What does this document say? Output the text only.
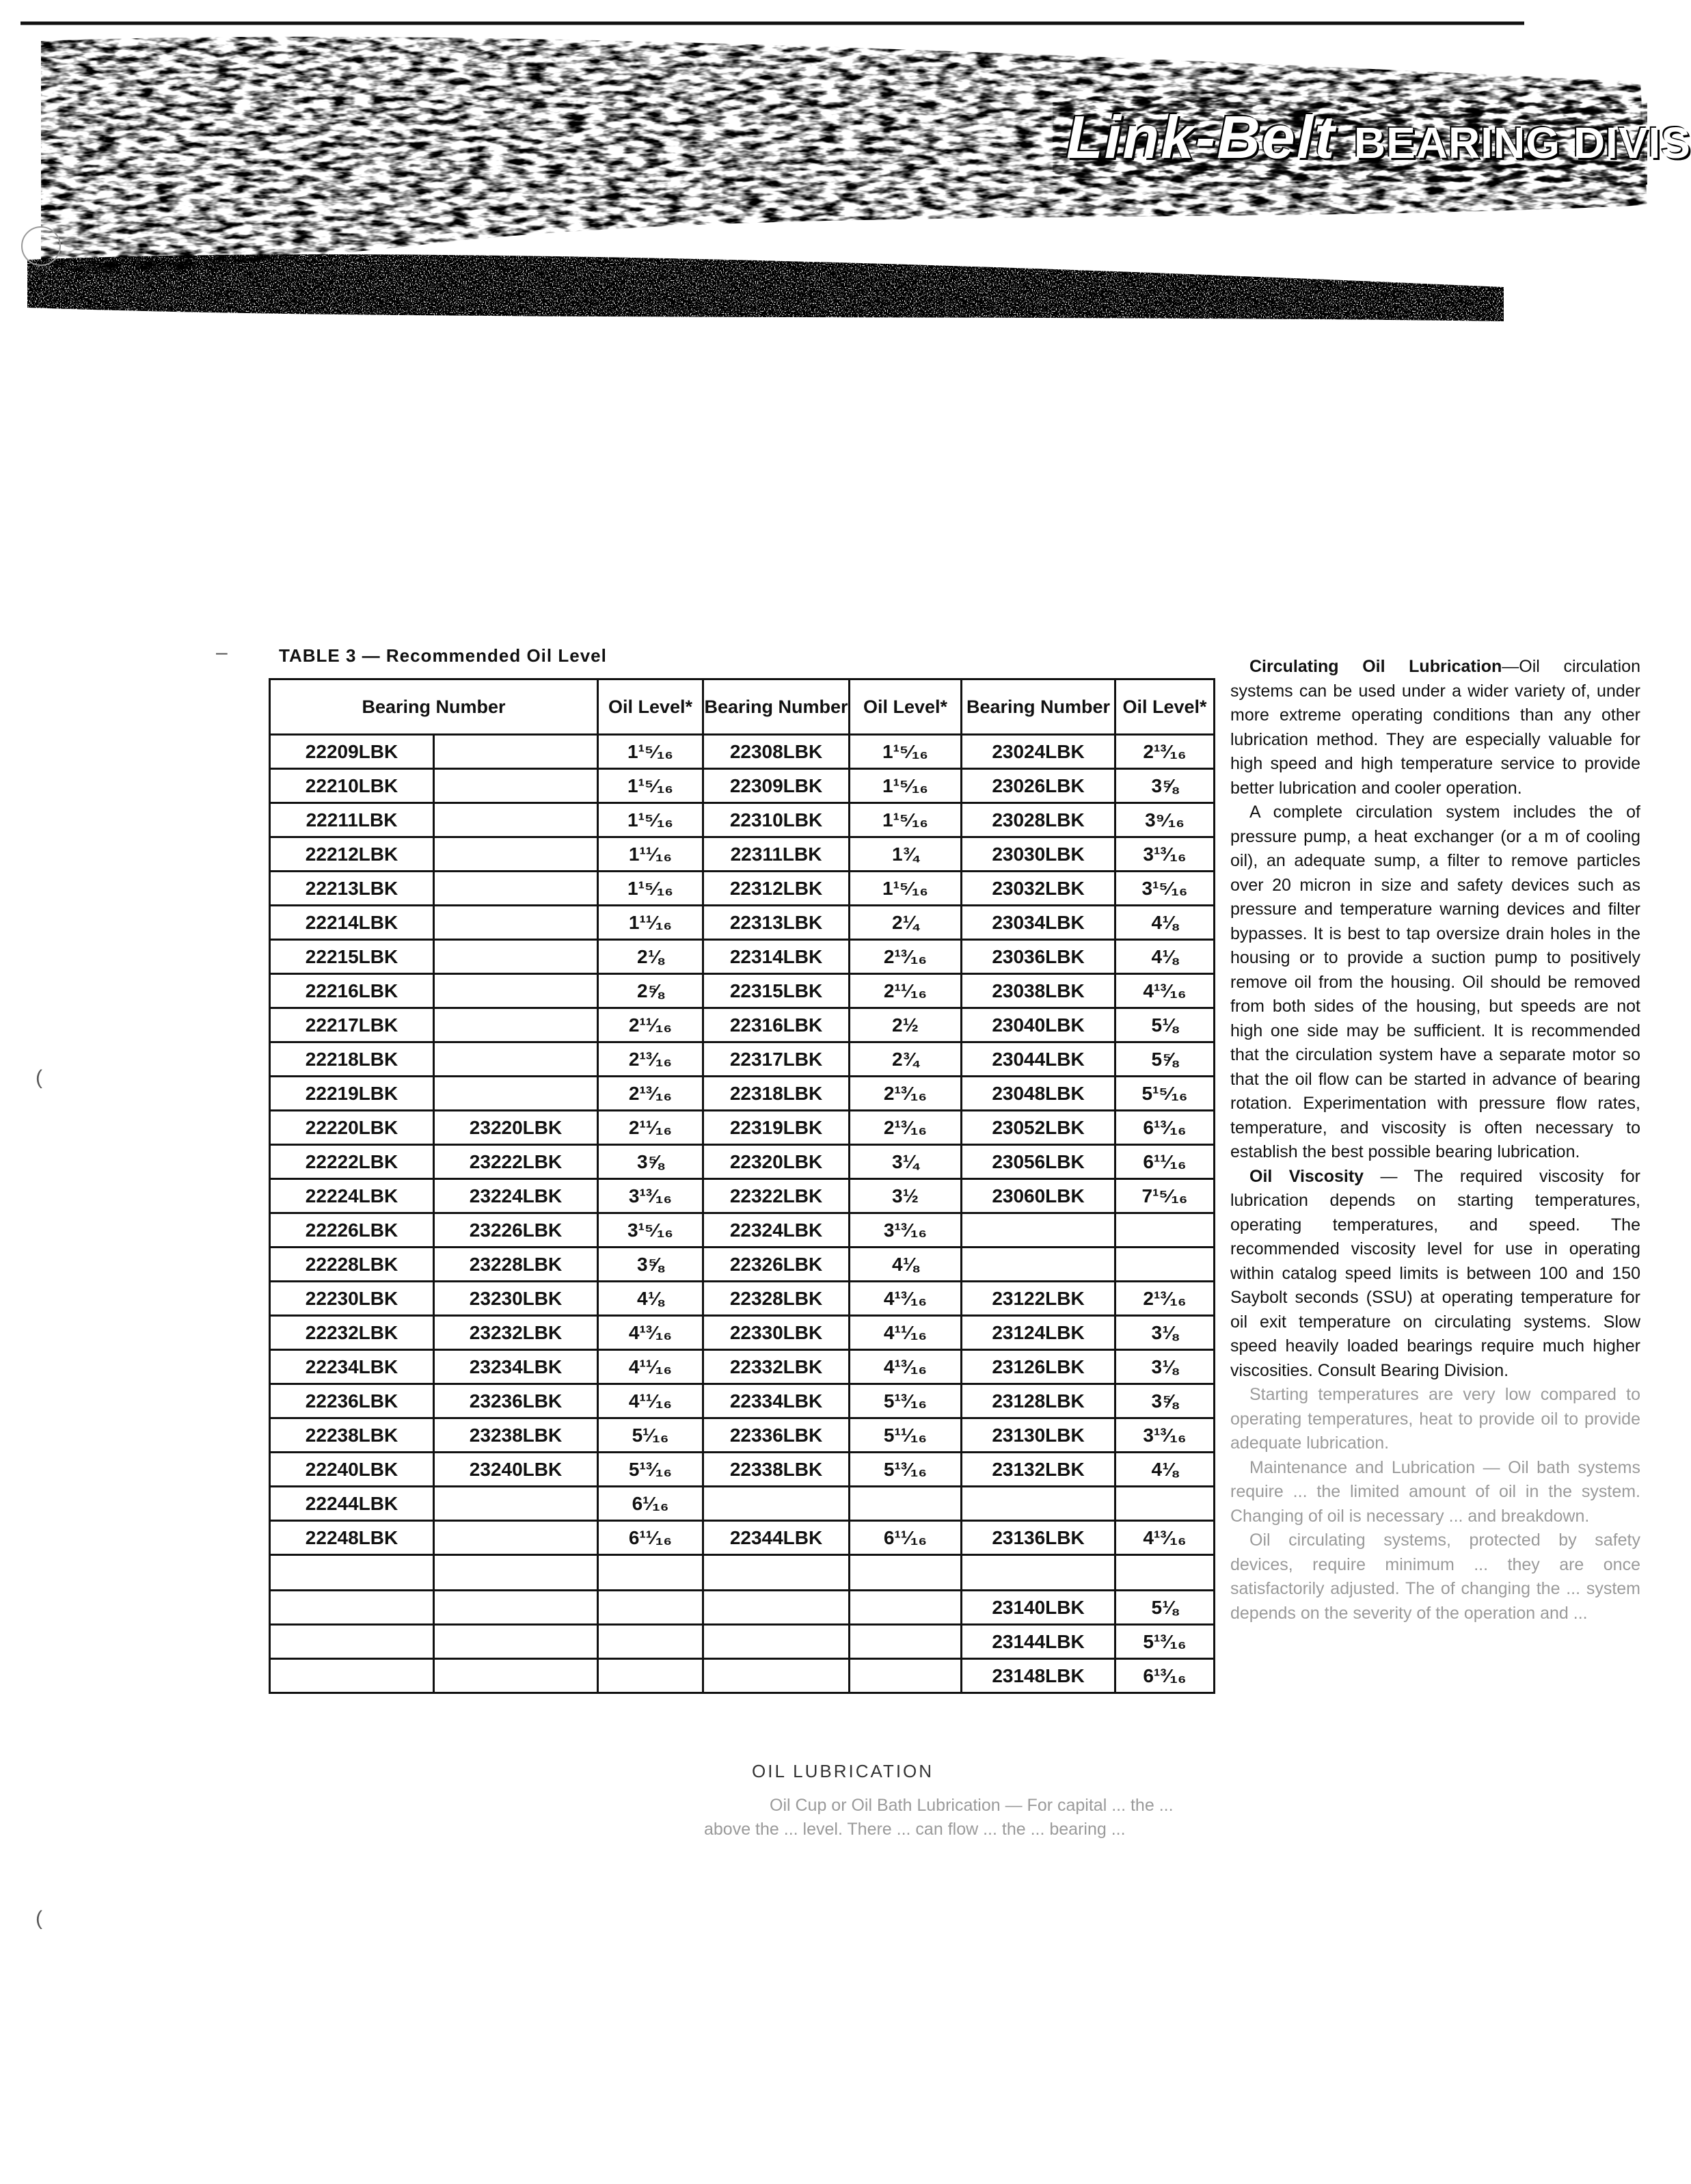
Link-Belt BEARING DIVIS
–	TABLE 3 — Recommended Oil Level
Bearing Number		Oil Level*	Bearing Number	Oil Level*	Bearing Number	Oil Level*
22209LBK		1¹⁵⁄₁₆	22308LBK	1¹⁵⁄₁₆	23024LBK	2¹³⁄₁₆
22210LBK		1¹⁵⁄₁₆	22309LBK	1¹⁵⁄₁₆	23026LBK	3⅝
22211LBK		1¹⁵⁄₁₆	22310LBK	1¹⁵⁄₁₆	23028LBK	3⁹⁄₁₆
22212LBK		1¹¹⁄₁₆	22311LBK	1¾	23030LBK	3¹³⁄₁₆
22213LBK		1¹⁵⁄₁₆	22312LBK	1¹⁵⁄₁₆	23032LBK	3¹⁵⁄₁₆
22214LBK		1¹¹⁄₁₆	22313LBK	2¼	23034LBK	4⅛
22215LBK		2⅛	22314LBK	2¹³⁄₁₆	23036LBK	4⅛
22216LBK		2⅝	22315LBK	2¹¹⁄₁₆	23038LBK	4¹³⁄₁₆
22217LBK		2¹¹⁄₁₆	22316LBK	2½	23040LBK	5⅛
22218LBK		2¹³⁄₁₆	22317LBK	2¾	23044LBK	5⅝
22219LBK		2¹³⁄₁₆	22318LBK	2¹³⁄₁₆	23048LBK	5¹⁵⁄₁₆
22220LBK	23220LBK	2¹¹⁄₁₆	22319LBK	2¹³⁄₁₆	23052LBK	6¹³⁄₁₆
22222LBK	23222LBK	3⅝	22320LBK	3¼	23056LBK	6¹¹⁄₁₆
22224LBK	23224LBK	3¹³⁄₁₆	22322LBK	3½	23060LBK	7¹⁵⁄₁₆
22226LBK	23226LBK	3¹⁵⁄₁₆	22324LBK	3¹³⁄₁₆		
22228LBK	23228LBK	3⅝	22326LBK	4⅛		
22230LBK	23230LBK	4⅛	22328LBK	4¹³⁄₁₆	23122LBK	2¹³⁄₁₆
22232LBK	23232LBK	4¹³⁄₁₆	22330LBK	4¹¹⁄₁₆	23124LBK	3⅛
22234LBK	23234LBK	4¹¹⁄₁₆	22332LBK	4¹³⁄₁₆	23126LBK	3⅛
22236LBK	23236LBK	4¹¹⁄₁₆	22334LBK	5¹³⁄₁₆	23128LBK	3⅝
22238LBK	23238LBK	5¹⁄₁₆	22336LBK	5¹¹⁄₁₆	23130LBK	3¹³⁄₁₆
22240LBK	23240LBK	5¹³⁄₁₆	22338LBK	5¹³⁄₁₆	23132LBK	4⅛
22244LBK		6¹⁄₁₆				
22248LBK		6¹¹⁄₁₆	22344LBK	6¹¹⁄₁₆	23136LBK	4¹³⁄₁₆

					23140LBK	5⅛
					23144LBK	5¹³⁄₁₆
					23148LBK	6¹³⁄₁₆

Circulating Oil Lubrication—Oil circulation systems can be used under a wider variety of, under more extreme operating conditions than any other lubrication method. They are especially valuable for high speed and high temperature service to provide better lubrication and cooler operation.

A complete circulation system includes the of pressure pump, a heat exchanger (or a m of cooling oil), an adequate sump, a filter to remove particles over 20 micron in size and safety devices such as pressure and temperature warning devices and filter bypasses. It is best to tap oversize drain holes in the housing or to provide a suction pump to positively remove oil from the housing. Oil should be removed from both sides of the housing, but speeds are not high one side may be sufficient. It is recommended that the circulation system have a separate motor so that the oil flow can be started in advance of bearing rotation. Experimentation with pressure flow rates, temperature, and viscosity is often necessary to establish the best possible bearing lubrication.

Oil Viscosity — The required viscosity for lubrication depends on starting temperatures, operating temperatures, and speed. The recommended viscosity level for use in operating within catalog speed limits is between 100 and 150 Saybolt seconds (SSU) at operating temperature for oil exit temperature on circulating systems. Slow speed heavily loaded bearings require much higher viscosities. Consult Bearing Division.

Starting temperatures are very low compared to operating temperatures, heat to provide oil to provide adequate lubrication.

Maintenance and Lubrication — Oil bath systems require ... the limited amount of oil in the system. Changing of oil is necessary ... and breakdown.

Oil circulating systems, protected by safety devices, require minimum ... they are once satisfactorily adjusted. The of changing the ... system depends on the severity of the operation and ...

OIL LUBRICATION

Oil Cup or Oil Bath Lubrication — For capital ... the ... above the ... level. There ... can flow ... the ... bearing ...

(
(
